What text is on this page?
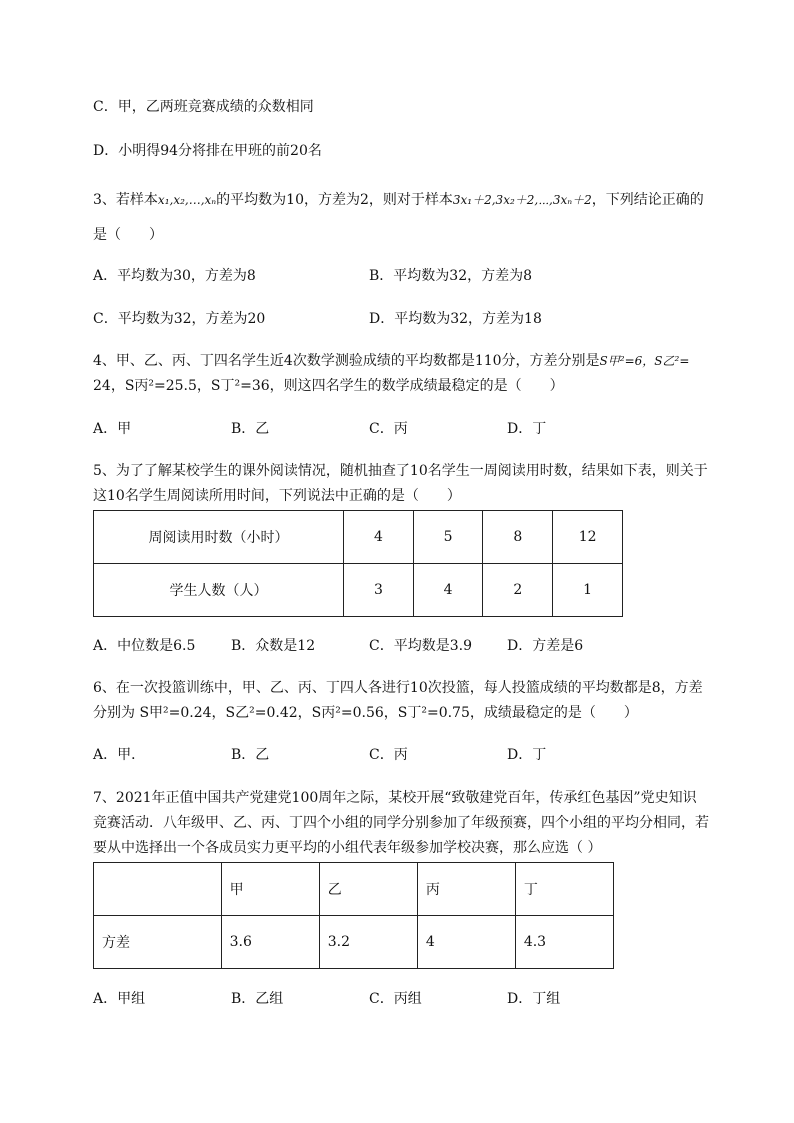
C．甲，乙两班竞赛成绩的众数相同
D．小明得94分将排在甲班的前20名
3、若样本x₁,x₂,…,xₙ的平均数为10，方差为2，则对于样本3x₁＋2,3x₂＋2,⋯,3xₙ＋2，下列结论正确的
是（　　）
A．平均数为30，方差为8	B．平均数为32，方差为8
C．平均数为32，方差为20	D．平均数为32，方差为18
4、甲、乙、丙、丁四名学生近4次数学测验成绩的平均数都是110分，方差分别是S甲²=6，S乙²=
24，S丙²=25.5，S丁²=36，则这四名学生的数学成绩最稳定的是（　　）
A．甲	B．乙	C．丙	D．丁
5、为了了解某校学生的课外阅读情况，随机抽查了10名学生一周阅读用时数，结果如下表，则关于
这10名学生周阅读所用时间，下列说法中正确的是（　　）
周阅读用时数（小时）	4	5	8	12
学生人数（人）	3	4	2	1
A．中位数是6.5	B．众数是12	C．平均数是3.9	D．方差是6
6、在一次投篮训练中，甲、乙、丙、丁四人各进行10次投篮，每人投篮成绩的平均数都是8，方差
分别为 S甲²=0.24，S乙²=0.42，S丙²=0.56，S丁²=0.75，成绩最稳定的是（　　）
A．甲．	B．乙	C．丙	D．丁
7、2021年正值中国共产党建党100周年之际，某校开展“致敬建党百年，传承红色基因”党史知识
竞赛活动．八年级甲、乙、丙、丁四个小组的同学分别参加了年级预赛，四个小组的平均分相同，若
要从中选择出一个各成员实力更平均的小组代表年级参加学校决赛，那么应选（ ）
	甲	乙	丙	丁
方差	3.6	3.2	4	4.3
A．甲组	B．乙组	C．丙组	D．丁组
